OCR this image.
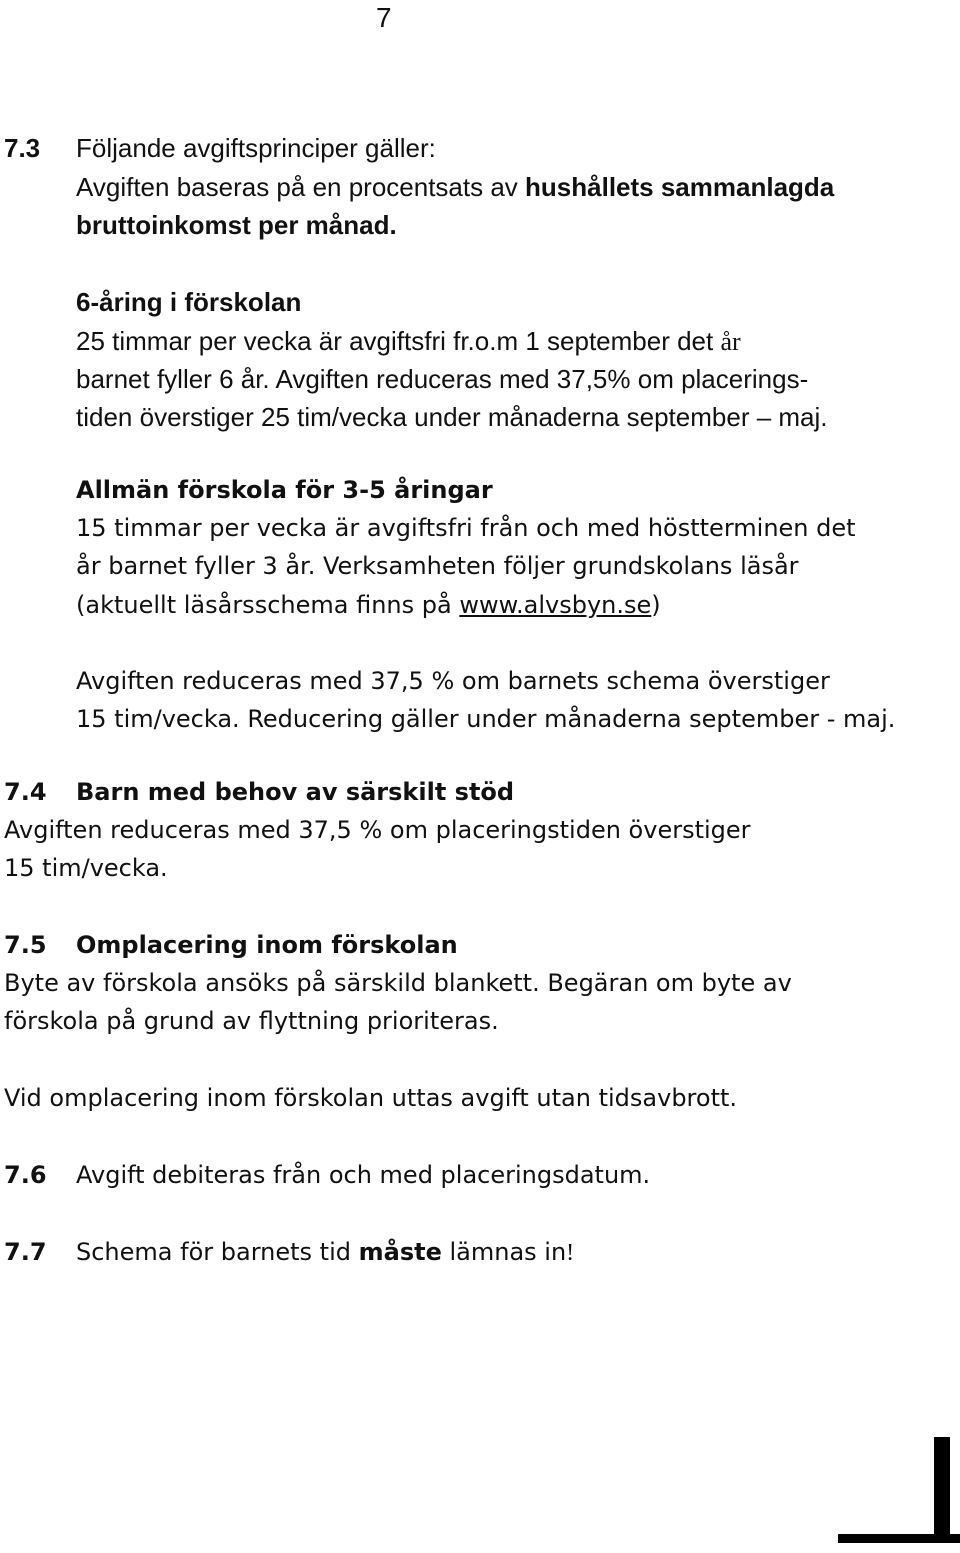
7
7.3 Följande avgiftsprinciper gäller:
Avgiften baseras på en procentsats av hushållets sammanlagda
bruttoinkomst per månad.
6-åring i förskolan
25 timmar per vecka är avgiftsfri fr.o.m 1 september det år
barnet fyller 6 år. Avgiften reduceras med 37,5% om placerings-
tiden överstiger 25 tim/vecka under månaderna september – maj.
Allmän förskola för 3-5 åringar
15 timmar per vecka är avgiftsfri från och med höstterminen det
år barnet fyller 3 år. Verksamheten följer grundskolans läsår
(aktuellt läsårsschema finns på www.alvsbyn.se)
Avgiften reduceras med 37,5 % om barnets schema överstiger
15 tim/vecka. Reducering gäller under månaderna september - maj.
7.4 Barn med behov av särskilt stöd
Avgiften reduceras med 37,5 % om placeringstiden överstiger
15 tim/vecka.
7.5 Omplacering inom förskolan
Byte av förskola ansöks på särskild blankett. Begäran om byte av
förskola på grund av flyttning prioriteras.
Vid omplacering inom förskolan uttas avgift utan tidsavbrott.
7.6 Avgift debiteras från och med placeringsdatum.
7.7 Schema för barnets tid måste lämnas in!
